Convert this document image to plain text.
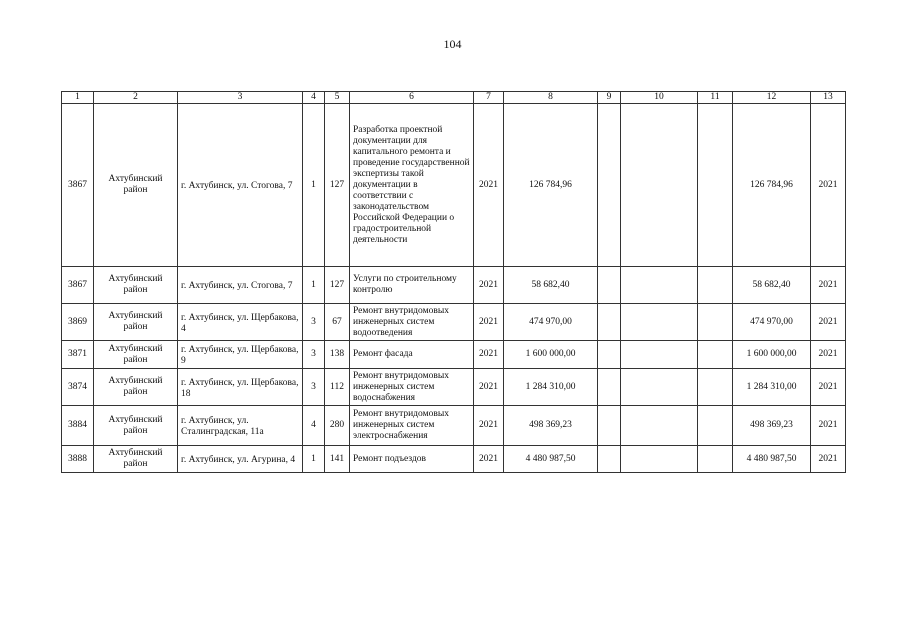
104
1	2	3	4	5	6	7	8	9	10	11	12	13
3867	Ахтубинский район	г. Ахтубинск, ул. Стогова, 7	1	127	Разработка проектной документации для капитального ремонта и проведение государственной экспертизы такой документации в соответствии с законодательством Российской Федерации о градостроительной деятельности	2021	126 784,96				126 784,96	2021
3867	Ахтубинский район	г. Ахтубинск, ул. Стогова, 7	1	127	Услуги по строительному контролю	2021	58 682,40				58 682,40	2021
3869	Ахтубинский район	г. Ахтубинск, ул. Щербакова, 4	3	67	Ремонт внутридомовых инженерных систем водоотведения	2021	474 970,00				474 970,00	2021
3871	Ахтубинский район	г. Ахтубинск, ул. Щербакова, 9	3	138	Ремонт фасада	2021	1 600 000,00				1 600 000,00	2021
3874	Ахтубинский район	г. Ахтубинск, ул. Щербакова, 18	3	112	Ремонт внутридомовых инженерных систем водоснабжения	2021	1 284 310,00				1 284 310,00	2021
3884	Ахтубинский район	г. Ахтубинск, ул. Сталинградская, 11а	4	280	Ремонт внутридомовых инженерных систем электроснабжения	2021	498 369,23				498 369,23	2021
3888	Ахтубинский район	г. Ахтубинск, ул. Агурина, 4	1	141	Ремонт подъездов	2021	4 480 987,50				4 480 987,50	2021
